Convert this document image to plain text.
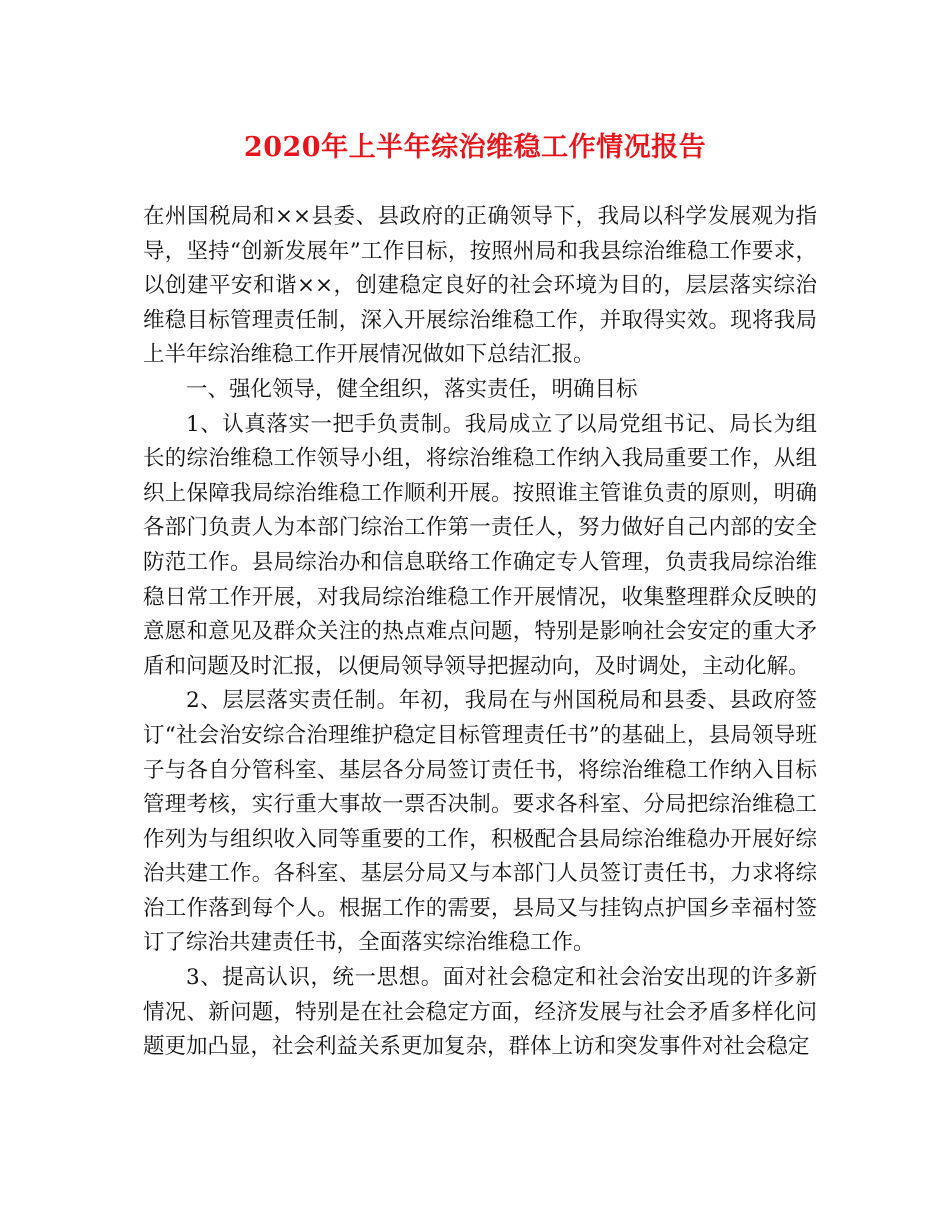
2020年上半年综治维稳工作情况报告

在州国税局和××县委、县政府的正确领导下，我局以科学发展观为指导，坚持“创新发展年”工作目标，按照州局和我县综治维稳工作要求，以创建平安和谐××，创建稳定良好的社会环境为目的，层层落实综治维稳目标管理责任制，深入开展综治维稳工作，并取得实效。现将我局上半年综治维稳工作开展情况做如下总结汇报。

一、强化领导，健全组织，落实责任，明确目标

1、认真落实一把手负责制。我局成立了以局党组书记、局长为组长的综治维稳工作领导小组，将综治维稳工作纳入我局重要工作，从组织上保障我局综治维稳工作顺利开展。按照谁主管谁负责的原则，明确各部门负责人为本部门综治工作第一责任人，努力做好自己内部的安全防范工作。县局综治办和信息联络工作确定专人管理，负责我局综治维稳日常工作开展，对我局综治维稳工作开展情况，收集整理群众反映的意愿和意见及群众关注的热点难点问题，特别是影响社会安定的重大矛盾和问题及时汇报，以便局领导领导把握动向，及时调处，主动化解。

2、层层落实责任制。年初，我局在与州国税局和县委、县政府签订“社会治安综合治理维护稳定目标管理责任书”的基础上，县局领导班子与各自分管科室、基层各分局签订责任书，将综治维稳工作纳入目标管理考核，实行重大事故一票否决制。要求各科室、分局把综治维稳工作列为与组织收入同等重要的工作，积极配合县局综治维稳办开展好综治共建工作。各科室、基层分局又与本部门人员签订责任书，力求将综治工作落到每个人。根据工作的需要，县局又与挂钩点护国乡幸福村签订了综治共建责任书，全面落实综治维稳工作。

3、提高认识，统一思想。面对社会稳定和社会治安出现的许多新情况、新问题，特别是在社会稳定方面，经济发展与社会矛盾多样化问题更加凸显，社会利益关系更加复杂，群体上访和突发事件对社会稳定
